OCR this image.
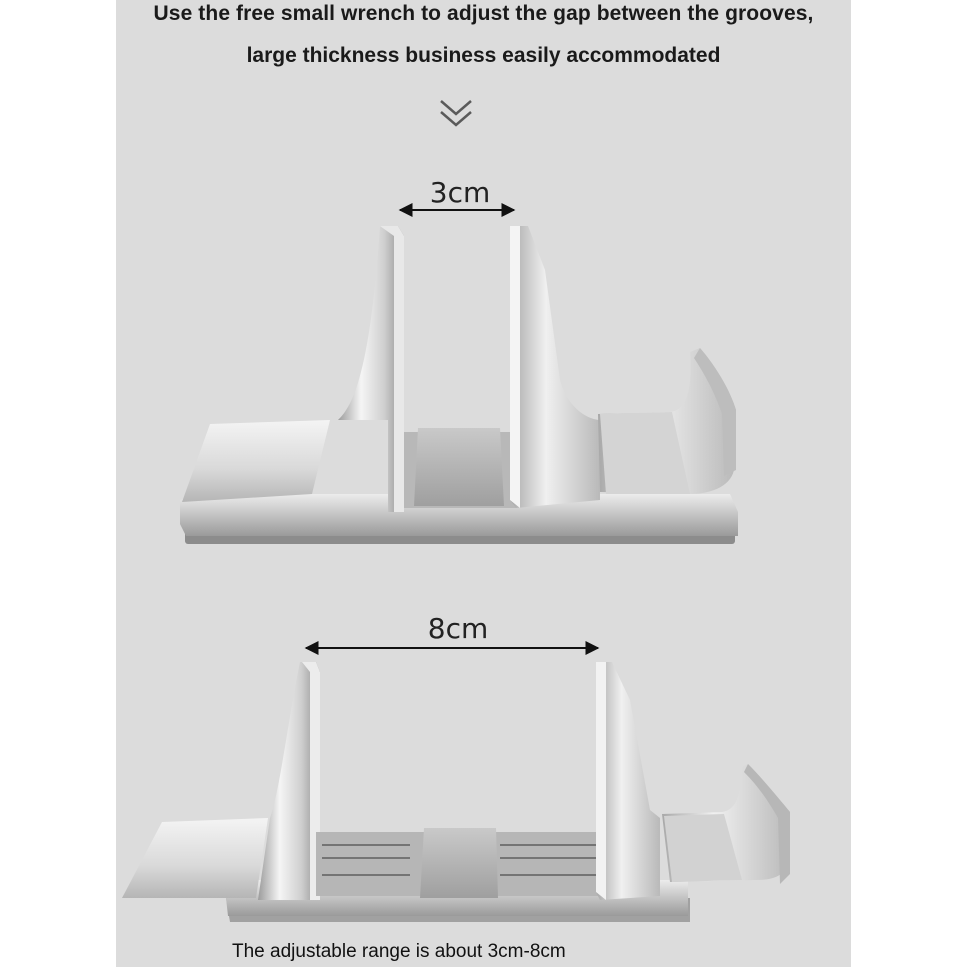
Use the free small wrench to adjust the gap between the grooves,

large thickness business easily accommodated

3cm
8cm

The adjustable range is about 3cm-8cm
